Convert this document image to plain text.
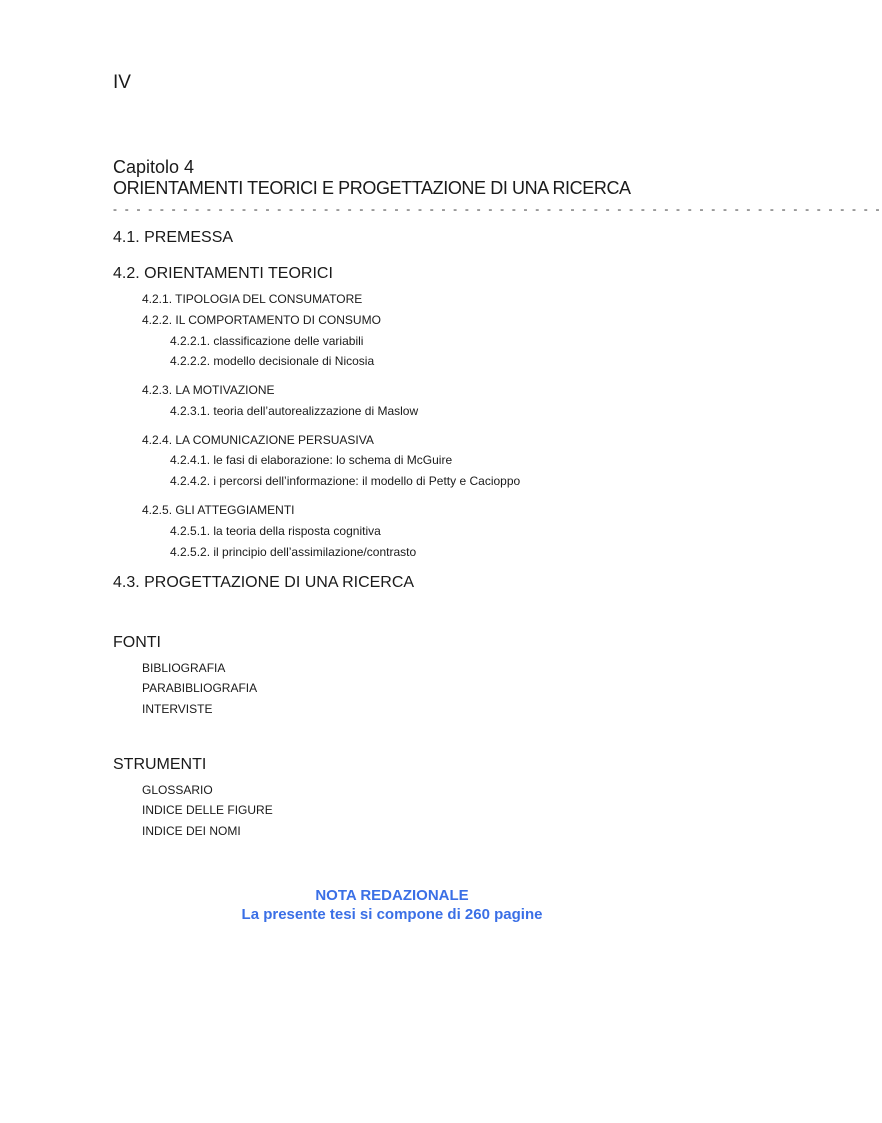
IV
Capitolo 4
ORIENTAMENTI TEORICI E PROGETTAZIONE DI UNA RICERCA
- - - - - - - - - - - - - - - - - - - - - - - - - - - - - - - - - - - - - - - - - - - - - - - - - - - - - - - - - - - - - - - - - -
4.1. PREMESSA
4.2. ORIENTAMENTI TEORICI
4.2.1. TIPOLOGIA DEL CONSUMATORE
4.2.2. IL COMPORTAMENTO DI CONSUMO
4.2.2.1. classificazione delle variabili
4.2.2.2. modello decisionale di Nicosia
4.2.3. LA MOTIVAZIONE
4.2.3.1. teoria dell’autorealizzazione di Maslow
4.2.4. LA COMUNICAZIONE PERSUASIVA
4.2.4.1. le fasi di elaborazione: lo schema di McGuire
4.2.4.2. i percorsi dell’informazione: il modello di Petty e Cacioppo
4.2.5. GLI ATTEGGIAMENTI
4.2.5.1. la teoria della risposta cognitiva
4.2.5.2. il principio dell’assimilazione/contrasto
4.3. PROGETTAZIONE DI UNA RICERCA
FONTI
BIBLIOGRAFIA
PARABIBLIOGRAFIA
INTERVISTE
STRUMENTI
GLOSSARIO
INDICE DELLE FIGURE
INDICE DEI NOMI
NOTA REDAZIONALE
La presente tesi si compone di 260 pagine
